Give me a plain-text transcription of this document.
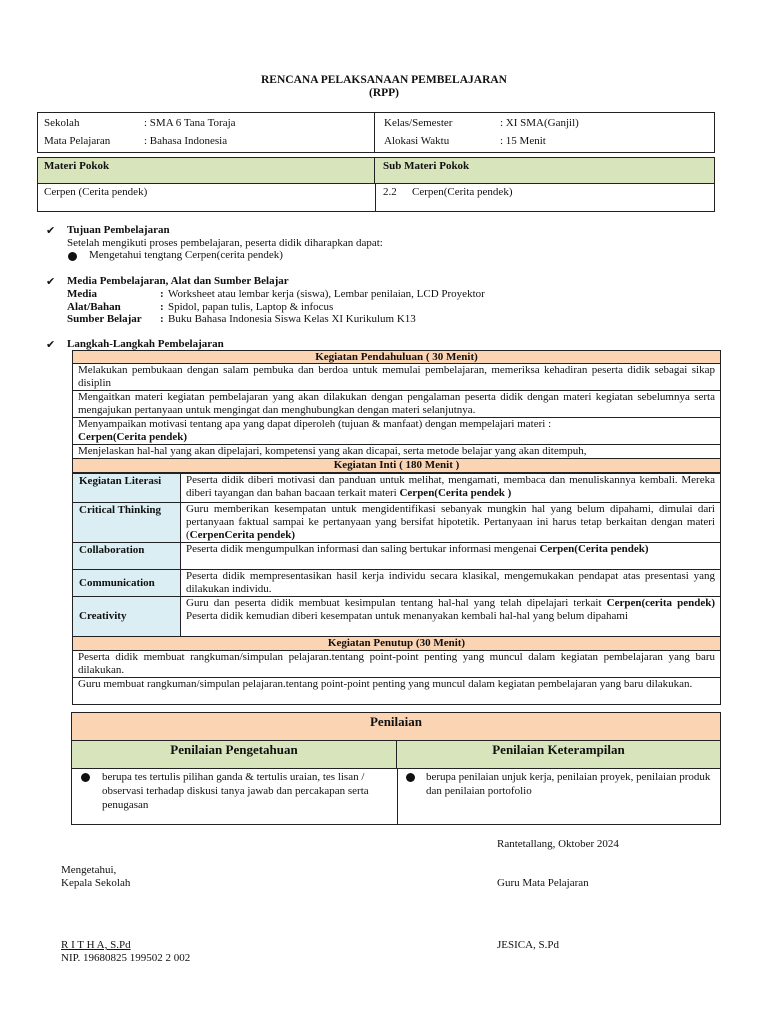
RENCANA PELAKSANAAN PEMBELAJARAN
(RPP)
Sekolah	: SMA 6 Tana Toraja
Mata Pelajaran	: Bahasa Indonesia
Kelas/Semester	: XI SMA(Ganjil)
Alokasi Waktu	: 15 Menit
Materi Pokok	Sub Materi Pokok
Cerpen (Cerita pendek)	2.2 Cerpen(Cerita pendek)
✔ Tujuan Pembelajaran
Setelah mengikuti proses pembelajaran, peserta didik diharapkan dapat:
Mengetahui tengtang Cerpen(cerita pendek)
✔ Media Pembelajaran, Alat dan Sumber Belajar
Media	: Worksheet atau lembar kerja (siswa), Lembar penilaian, LCD Proyektor
Alat/Bahan	: Spidol, papan tulis, Laptop & infocus
Sumber Belajar : Buku Bahasa Indonesia Siswa Kelas XI Kurikulum K13
✔ Langkah-Langkah Pembelajaran
Kegiatan Pendahuluan ( 30 Menit)
Melakukan pembukaan dengan salam pembuka dan berdoa untuk memulai pembelajaran, memeriksa kehadiran peserta didik sebagai sikap disiplin
Mengaitkan materi kegiatan pembelajaran yang akan dilakukan dengan pengalaman peserta didik dengan materi kegiatan sebelumnya serta mengajukan pertanyaan untuk mengingat dan menghubungkan dengan materi selanjutnya.
Menyampaikan motivasi tentang apa yang dapat diperoleh (tujuan & manfaat) dengan mempelajari materi :
Cerpen(Cerita pendek)
Menjelaskan hal-hal yang akan dipelajari, kompetensi yang akan dicapai, serta metode belajar yang akan ditempuh,
Kegiatan Inti ( 180 Menit )
Kegiatan Literasi	Peserta didik diberi motivasi dan panduan untuk melihat, mengamati, membaca dan menuliskannya kembali. Mereka diberi tayangan dan bahan bacaan terkait materi Cerpen(Cerita pendek )
Critical Thinking	Guru memberikan kesempatan untuk mengidentifikasi sebanyak mungkin hal yang belum dipahami, dimulai dari pertanyaan faktual sampai ke pertanyaan yang bersifat hipotetik. Pertanyaan ini harus tetap berkaitan dengan materi (CerpenCerita pendek)
Collaboration	Peserta didik mengumpulkan informasi dan saling bertukar informasi mengenai Cerpen(Cerita pendek)
Communication	Peserta didik mempresentasikan hasil kerja individu secara klasikal, mengemukakan pendapat atas presentasi yang dilakukan individu.
Creativity	Guru dan peserta didik membuat kesimpulan tentang hal-hal yang telah dipelajari terkait Cerpen(cerita pendek) Peserta didik kemudian diberi kesempatan untuk menanyakan kembali hal-hal yang belum dipahami
Kegiatan Penutup (30 Menit)
Peserta didik membuat rangkuman/simpulan pelajaran.tentang point-point penting yang muncul dalam kegiatan pembelajaran yang baru dilakukan.
Guru membuat rangkuman/simpulan pelajaran.tentang point-point penting yang muncul dalam kegiatan pembelajaran yang baru dilakukan.
Penilaian
Penilaian Pengetahuan	Penilaian Keterampilan
berupa tes tertulis pilihan ganda & tertulis uraian, tes lisan / observasi terhadap diskusi tanya jawab dan percakapan serta penugasan
berupa penilaian unjuk kerja, penilaian proyek, penilaian produk dan penilaian portofolio
Rantetallang, Oktober 2024
Mengetahui,
Kepala Sekolah	Guru Mata Pelajaran
R I T H A, S.Pd
NIP. 19680825 199502 2 002
JESICA, S.Pd
